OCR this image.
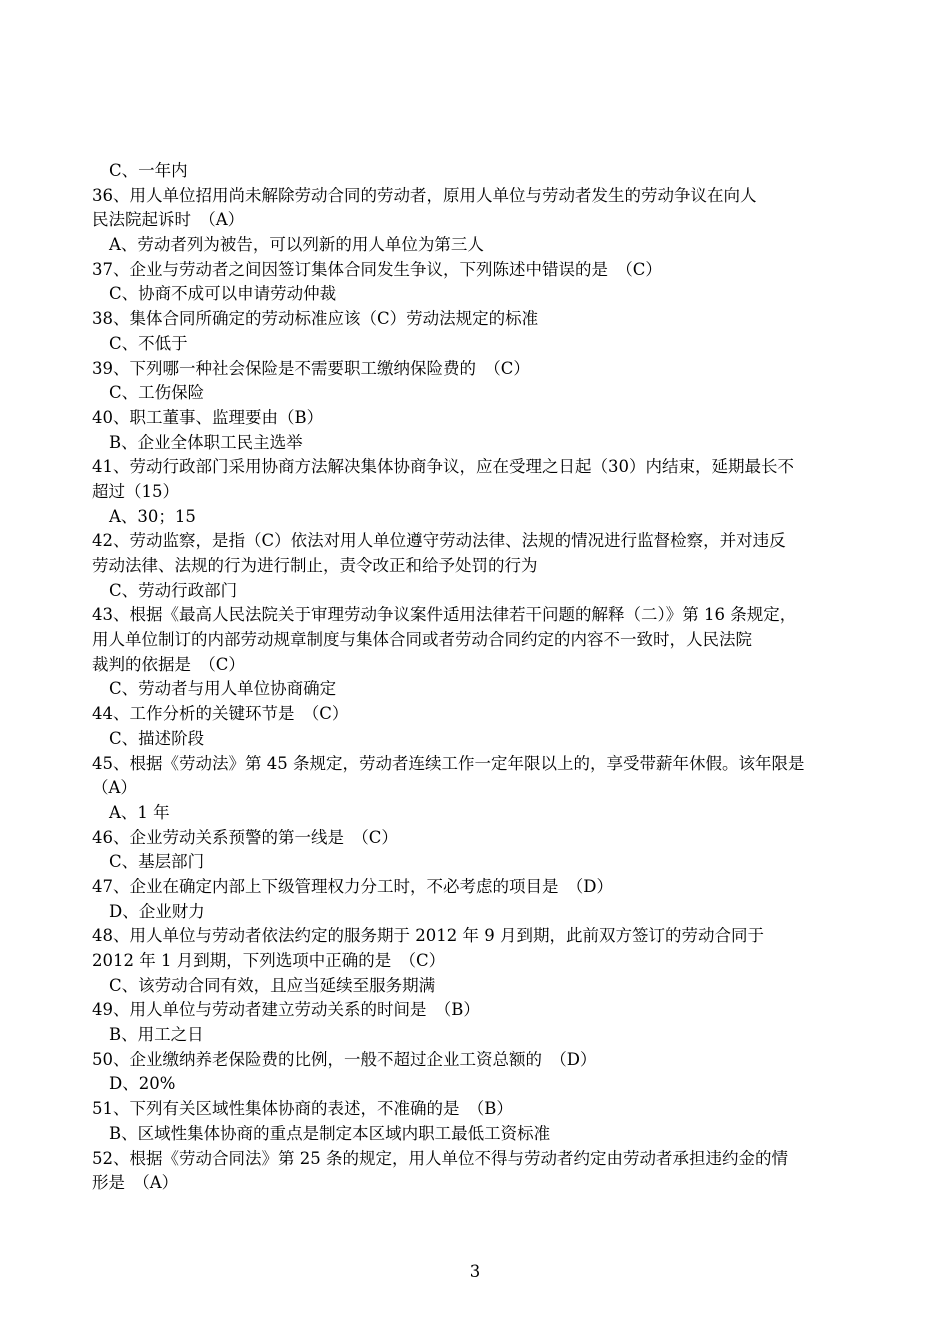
C、一年内
36、用人单位招用尚未解除劳动合同的劳动者，原用人单位与劳动者发生的劳动争议在向人
民法院起诉时　（A）
A、劳动者列为被告，可以列新的用人单位为第三人
37、企业与劳动者之间因签订集体合同发生争议，下列陈述中错误的是　（C）
C、协商不成可以申请劳动仲裁
38、集体合同所确定的劳动标准应该（C）劳动法规定的标准
C、不低于
39、下列哪一种社会保险是不需要职工缴纳保险费的　（C）
C、工伤保险
40、职工董事、监理要由（B）
B、企业全体职工民主选举
41、劳动行政部门采用协商方法解决集体协商争议，应在受理之日起（30）内结束，延期最长不
超过（15）
A、30；15
42、劳动监察，是指（C）依法对用人单位遵守劳动法律、法规的情况进行监督检察，并对违反
劳动法律、法规的行为进行制止，责令改正和给予处罚的行为
C、劳动行政部门
43、根据《最高人民法院关于审理劳动争议案件适用法律若干问题的解释（二）》第 16 条规定，
用人单位制订的内部劳动规章制度与集体合同或者劳动合同约定的内容不一致时，人民法院
裁判的依据是　（C）
C、劳动者与用人单位协商确定
44、工作分析的关键环节是　（C）
C、描述阶段
45、根据《劳动法》第 45 条规定，劳动者连续工作一定年限以上的，享受带薪年休假。该年限是
（A）
A、1 年
46、企业劳动关系预警的第一线是　（C）
C、基层部门
47、企业在确定内部上下级管理权力分工时，不必考虑的项目是　（D）
D、企业财力
48、用人单位与劳动者依法约定的服务期于 2012 年 9 月到期，此前双方签订的劳动合同于
2012 年 1 月到期，下列选项中正确的是　（C）
C、该劳动合同有效，且应当延续至服务期满
49、用人单位与劳动者建立劳动关系的时间是　（B）
B、用工之日
50、企业缴纳养老保险费的比例，一般不超过企业工资总额的　（D）
D、20%
51、下列有关区域性集体协商的表述，不准确的是　（B）
B、区域性集体协商的重点是制定本区域内职工最低工资标准
52、根据《劳动合同法》第 25 条的规定，用人单位不得与劳动者约定由劳动者承担违约金的情
形是　（A）
3
